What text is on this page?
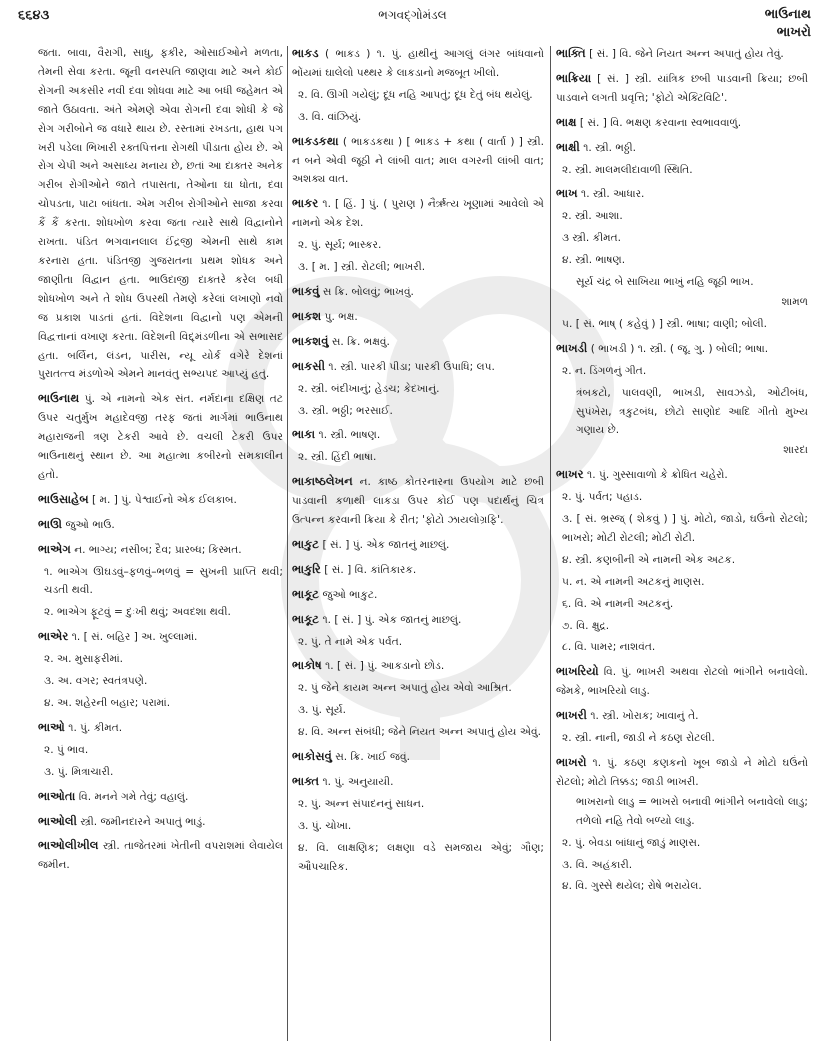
૬૬૪૩	ભગવદ્ગોમંડલ	ભાઉનાથ
ભાખરો
જતા. બાવા, વૈરાગી, સાધુ, ફકીર, ઓસાઈઓને મળતા, તેમની સેવા કરતા. જૂની વનસ્પતિ જાણવા માટે અને કોઈ રોગની અકસીર નવી દવા શોધવા માટે આ બધી જહેમત એ જાતે ઉઠાવતા. અંતે એમણે એવા રોગની દવા શોધી કે જે રોગ ગરીબોને જ વધારે થાય છે. રસ્તામાં રખડતા, હાથ પગ ખરી પડેલા ભિખારી રક્તપિત્તના રોગથી પીડાતા હોય છે. એ રોગ ચેપી અને અસાધ્ય મનાય છે, છતાં આ દાક્તર અનેક ગરીબ રોગીઓને જાતે તપાસતા, તેઓના ઘા ધોતા, દવા ચોપડતા, પાટા બાંધતા. એમ ગરીબ રોગીઓને સાજા કરવા કૈં કૈં કરતા. શોધખોળ કરવા જતા ત્યારે સાથે વિદ્વાનોને રાખતા. પંડિત ભગવાનલાલ ઈંદ્રજી એમની સાથે કામ કરનારા હતા. પંડિતજી ગુજરાતના પ્રથમ શોધક અને જાણીતા વિદ્વાન હતા. ભાઉદાજી દાક્તરે કરેલ બધી શોધખોળ અને તે શોધ ઉપરથી તેમણે કરેલાં લખાણો નવો જ પ્રકાશ પાડતાં હતાં. વિદેશના વિદ્વાનો પણ એમની વિદ્વત્તાનાં વખાણ કરતા. વિદેશની વિદ્દ્મંડળીના એ સભાસદ હતા. બર્લિન, લંડન, પારીસ, ન્યૂ યોર્ક વગેરે દેશનાં પુરાતત્ત્વ મંડળોએ એમને માનવંતુ સભ્યપદ આપ્યું હતું.
ભાઉનાથ પું. એ નામનો એક સંત. નર્મદાના દક્ષિણ તટ ઉપર ચતુર્મુખ મહાદેવજી તરફ જતાં માર્ગમાં ભાઉનાથ મહારાજની ત્રણ ટેકરી આવે છે. વચલી ટેકરી ઉપર ભાઉનાથનું સ્થાન છે. આ મહાત્મા કબીરનો સમકાલીન હતો.
ભાઉસાહેબ [ મ. ] પું. પેશ્વાઈનો એક ઈલકાબ.
ભાઊ જુઓ ભાઉ.
ભાએગ ન. ભાગ્ય; નસીબ; દૈવ; પ્રારબ્ધ; કિસ્મત.
૧. ભાએગ ઊઘડવું–ફળવું–ભળવું = સુખની પ્રાપ્તિ થવી; ચડતી થવી.
૨. ભાએગ ફૂટવું = દુઃખી થવું; અવદશા થવી.
ભાએર ૧. [ સં. બહિર ] અ. ખુલ્લામાં.
૨. અ. મુસાફરીમાં.
૩. અ. વગર; સ્વતંત્રપણે.
૪. અ. શહેરની બહાર; પરામાં.
ભાઓ ૧. પું. કીમત.
૨. પું ભાવ.
૩. પું. મિત્રાચારી.
ભાઓતા વિ. મનને ગમે તેવું; વહાલું.
ભાઓલી સ્ત્રી. જમીનદારને અપાતું ભાડું.
ભાઓલીખીલ સ્ત્રી. તાજેતરમાં ખેતીની વપરાશમાં લેવાયેલ જમીન.
ભાકડ ( ભાકડ ) ૧. પું. હાથીનું આગલું લંગર બાંધવાનો ભોંયમાં ઘાલેલો પથ્થર કે લાકડાનો મજબૂત ખીલો.
૨. વિ. ઊગી ગયેલું; દૂધ નહિ આપતું; દૂધ દેતું બંધ થયેલું.
૩. વિ. વાંઝિયું.
ભાકડકથા ( ભાકડકથા ) [ ભાકડ + કથા ( વાર્તા ) ] સ્ત્રી. ન બને એવી જૂઠી ને લાંબી વાત; માલ વગરની લાંબી વાત; અશક્ય વાત.
ભાકર ૧. [ હિં. ] પું. ( પુરાણ ) નૈર્ઋત્ય ખૂણામાં આવેલો એ નામનો એક દેશ.
૨. પું. સૂર્ય; ભાસ્કર.
૩. [ મ. ] સ્ત્રી. રોટલી; ભાખરી.
ભાકવું સ ક્રિ. બોલવું; ભાખવું.
ભાકશ પુ. ભક્ષ.
ભાકશવું સ. ક્રિ. ભક્ષવું.
ભાકસી ૧. સ્ત્રી. પારકી પીડા; પારકી ઉપાધિ; લપ.
૨. સ્ત્રી. બંદીખાનું; હેડચ; કેદખાનું.
૩. સ્ત્રી. ભઠ્ઠી; ભરસાઈ.
ભાકા ૧. સ્ત્રી. ભાષણ.
૨. સ્ત્રી. હિંદી ભાષા.
ભાકાષ્ઠલેખન ન. કાષ્ઠ કોતરનારના ઉપયોગ માટે છબી પાડવાની કળાથી લાકડા ઉપર કોઈ પણ પદાર્થનું ચિત્ર ઉત્પન્ન કરવાની ક્રિયા કે રીત; 'ફોટો ઝાયલોગ્રફિ'.
ભાકુટ [ સં. ] પું. એક જાતનું માછલું.
ભાકુરિ [ સં. ] વિ. કાંતિકારક.
ભાકૂટ જુઓ ભાકુટ.
ભાકૂટ ૧. [ સં. ] પું. એક જાતનું માછલું.
૨. પું. તે નામે એક પર્વત.
ભાકોષ ૧. [ સં. ] પું. આકડાનો છોડ.
૨. પું જેને કાયમ અન્ન અપાતું હોય એવો આશ્રિત.
૩. પું. સૂર્ય.
૪. વિ. અન્ન સંબંધી; જેને નિયત અન્ન અપાતું હોય એવું.
ભાકોસવું સ. ક્રિ. ખાઈ જવું.
ભાક્ત ૧. પું. અનુયાયી.
૨. પું. અન્ન સંપાદનનું સાધન.
૩. પું. ચોખા.
૪. વિ. લાક્ષણિક; લક્ષણા વડે સમજાય એવું; ગૌણ; ઔપચારિક.
ભાક્તિ [ સં. ] વિ. જેને નિયત અન્ન અપાતું હોય તેવું.
ભાક્રિયા [ સં. ] સ્ત્રી. યાંત્રિક છબી પાડવાની ક્રિયા; છબી પાડવાને લગતી પ્રવૃત્તિ; 'ફોટો એક્ટિવિટિ'.
ભાક્ષ [ સં. ] વિ. ભક્ષણ કરવાના સ્વભાવવાળું.
ભાક્ષી ૧. સ્ત્રી. ભઠ્ઠી.
૨. સ્ત્રી. માલમલીદાવાળી સ્થિતિ.
ભાખ ૧. સ્ત્રી. આધાર.
૨. સ્ત્રી. આશા.
૩ સ્ત્રી. કીમત.
૪. સ્ત્રી. ભાષણ.
સૂર્ય ચંદ્ર બે સાખિયા ભાખું નહિ જૂઠી ભાખ.
શામળ
૫. [ સં. ભાષ્ ( કહેવું ) ] સ્ત્રી. ભાષા; વાણી; બોલી.
ભાખડી ( ભાખડી ) ૧. સ્ત્રી. ( જૂ. ગુ. ) બોલી; ભાષા.
૨. ન. ડિંગળનું ગીત.
ત્રંબકટો, પાલવણી, ભાખડી, સાવઝડો, ઓટીબંધ, સુપંખેરા, ત્રકુટબંધ, છોટો સાણોદ આદિ ગીતો મુખ્ય ગણાય છે.
શારદા
ભાખર ૧. પું. ગુસ્સાવાળો કે ક્રોધિત ચહેરો.
૨. પું. પર્વત; પહાડ.
૩. [ સં. ભ્રસ્જ્ ( શેકવું ) ] પું. મોટો, જાડો, ઘઉંનો રોટલો; ભાખરો; મોટી રોટલી; મોટી રોટી.
૪. સ્ત્રી. કણબીની એ નામની એક અટક.
૫. ન. એ નામની અટકનું માણસ.
૬. વિ. એ નામની અટકનું.
૭. વિ. ક્ષુદ્ર.
૮. વિ. પામર; નાશવંત.
ભાખરિયો વિ. પું. ભાખરી અથવા રોટલો ભાંગીને બનાવેલો. જેમકે, ભાખરિયો લાડુ.
ભાખરી ૧. સ્ત્રી. ખોરાક; ખાવાનું તે.
૨. સ્ત્રી. નાની, જાડી ને કઠણ રોટલી.
ભાખરો ૧. પું. કઠણ કણકનો ખૂબ જાડો ને મોટો ઘઉંનો રોટલો; મોટો તિક્કડ; જાડી ભાખરી.
ભાખરાનો લાડુ = ભાખરો બનાવી ભાંગીને બનાવેલો લાડુ; તળેલો નહિ તેવો બળ્યો લાડુ.
૨. પું. બેવડા બાંધાનું જાડું માણસ.
૩. વિ. અહંકારી.
૪. વિ. ગુસ્સે થયેલ; રોષે ભરાયેલ.
